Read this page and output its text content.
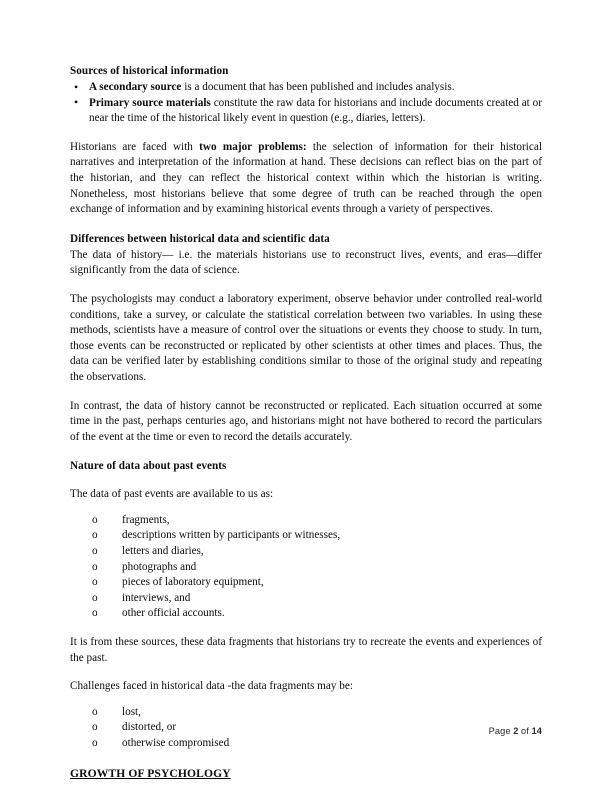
Sources of historical information
• A secondary source is a document that has been published and includes analysis.
• Primary source materials constitute the raw data for historians and include documents created at or near the time of the historical likely event in question (e.g., diaries, letters).

Historians are faced with two major problems: the selection of information for their historical narratives and interpretation of the information at hand. These decisions can reflect bias on the part of the historian, and they can reflect the historical context within which the historian is writing. Nonetheless, most historians believe that some degree of truth can be reached through the open exchange of information and by examining historical events through a variety of perspectives.

Differences between historical data and scientific data

The data of history— i.e. the materials historians use to reconstruct lives, events, and eras—differ significantly from the data of science.

The psychologists may conduct a laboratory experiment, observe behavior under controlled real-world conditions, take a survey, or calculate the statistical correlation between two variables. In using these methods, scientists have a measure of control over the situations or events they choose to study. In turn, those events can be reconstructed or replicated by other scientists at other times and places. Thus, the data can be verified later by establishing conditions similar to those of the original study and repeating the observations.

In contrast, the data of history cannot be reconstructed or replicated. Each situation occurred at some time in the past, perhaps centuries ago, and historians might not have bothered to record the particulars of the event at the time or even to record the details accurately.

Nature of data about past events

The data of past events are available to us as:

o fragments,
o descriptions written by participants or witnesses,
o letters and diaries,
o photographs and
o pieces of laboratory equipment,
o interviews, and
o other official accounts.

It is from these sources, these data fragments that historians try to recreate the events and experiences of the past.

Challenges faced in historical data -the data fragments may be:

o lost,
o distorted, or
o otherwise compromised
GROWTH OF PSYCHOLOGY
Page 2 of 14
